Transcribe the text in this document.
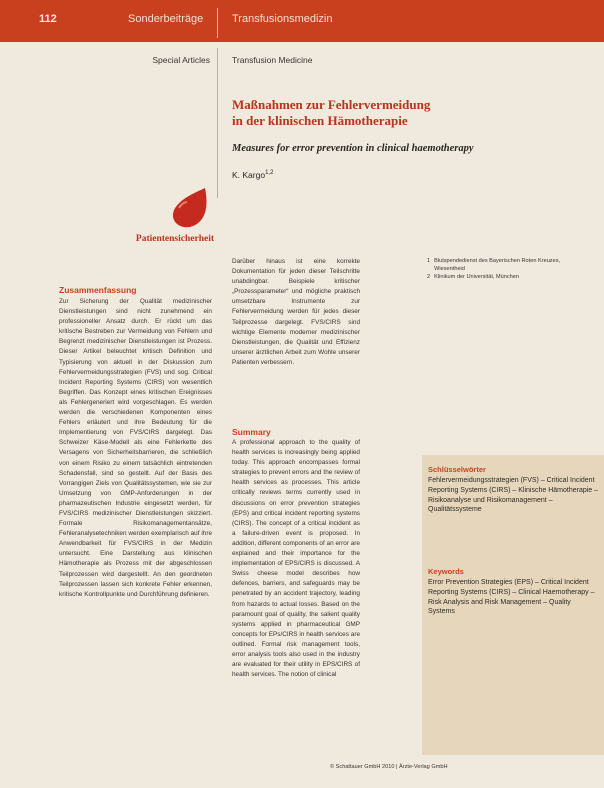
112	Sonderbeiträge	Transfusionsmedizin
Special Articles	Transfusion Medicine
Maßnahmen zur Fehlervermeidung
in der klinischen Hämotherapie
Measures for error prevention in clinical haemotherapy
K. Kargo$^{1,2}$
Patientensicherheit
Zusammenfassung
Zur Sicherung der Qualität medizinischer Dienstleistungen sind nicht zunehmend ein professioneller Ansatz durch. Er rückt um das kritische Bestreben zur Vermeidung von Fehlern und Begrenzt medizinischer Dienstleistungen ist Prozess. Dieser Artikel beleuchtet kritisch Definition und Typisierung von aktuell in der Diskussion zum Fehlervermeidungsstrategien (FVS) und sog. Critical Incident Reporting Systems (CIRS) von wesentlich Begriffen. Das Konzept eines kritischen Ereignisses als Fehlergeneriert wird vorgeschlagen. Es werden werden die verschiedenen Komponenten eines Fehlers erläutert und ihre Bedeutung für die Implementierung von FVS/CIRS dargelegt. Das Schweizer Käse-Modell als eine Fehlerkette des Versagens von Sicherheitsbarrieren, die schließlich von einem Risiko zu einem tatsächlich eintretenden Schadensfall, sind so gestellt. Auf der Basis des Vorrangigen Ziels von Qualitätssystemen, wie sie zur Umsetzung von GMP-Anforderungen in der pharmazeutischen Industrie eingesetzt werden, für FVS/CIRS medizinischer Dienstleistungen skizziert. Formale Risikomanagementansätze, Fehleranalysetechniken werden exemplarisch auf ihre Anwendbarkeit für FVS/CIRS in der Medizin untersucht. Eine Darstellung aus klinischen Hämotherapie als Prozess mit der abgeschlossen Teilprozessen wird dargestellt. An den geordneten Teilprozessen lassen sich konkrete Fehler erkennen, kritische Kontrollpunkte und Durchführung definieren.
Darüber hinaus ist eine korrekte Dokumentation für jeden dieser Teilschritte unabdingbar. Beispiele kritischer „Prozessparameter“ und mögliche praktisch umsetzbare Instrumente zur Fehlervermeidung werden für jedes dieser Teilprozesse dargelegt. FVS/CIRS sind wichtige Elemente moderner medizinischer Dienstleistungen, die Qualität und Effizienz unserer ärztlichen Arbeit zum Wohle unserer Patienten verbessern.
Summary
A professional approach to the quality of health services is increasingly being applied today. This approach encompasses formal strategies to prevent errors and the review of health services as processes. This article critically reviews terms currently used in discussions on error prevention strategies (EPS) and critical incident reporting systems (CIRS). The concept of a critical incident as a failure-driven event is proposed. In addition, different components of an error are explained and their importance for the implementation of EPS/CIRS is discussed. A Swiss cheese model describes how defences, barriers, and safeguards may be penetrated by an accident trajectory, leading from hazards to actual losses. Based on the paramount goal of quality, the salient quality systems applied in pharmaceutical GMP concepts for EPs/CIRS in health services are outlined. Formal risk management tools, error analysis tools also used in the industry are evaluated for their utility in EPS/CIRS of health services. The notion of clinical
1 Blutspendedienst des Bayerischen Roten Kreuzes, Wiesentheid
2 Klinikum der Universität, München
Schlüsselwörter
Fehlervermeidungsstrategien (FVS) – Critical Incident Reporting Systems (CIRS) – Klinische Hämotherapie – Risikoanalyse und Risikomanagement – Qualitätssysteme
Keywords
Error Prevention Strategies (EPS) – Critical Incident Reporting Systems (CIRS) – Clinical Haemotherapy – Risk Analysis and Risk Management – Quality Systems
© Schattauer GmbH 2010 | Ärzte-Verlag GmbH
